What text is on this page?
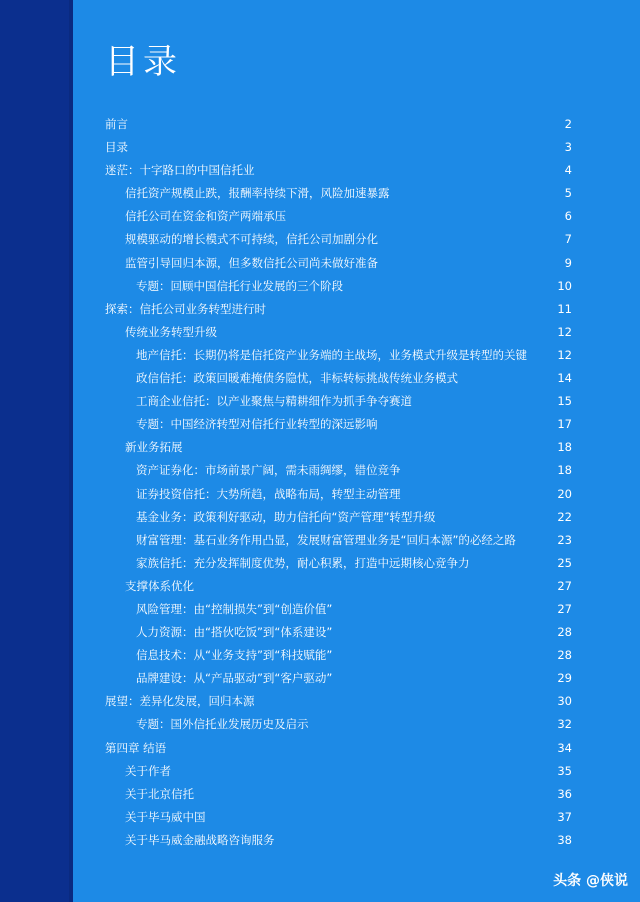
目录
前言	2
目录	3
迷茫：十字路口的中国信托业	4
信托资产规模止跌，报酬率持续下滑，风险加速暴露	5
信托公司在资金和资产两端承压	6
规模驱动的增长模式不可持续，信托公司加剧分化	7
监管引导回归本源，但多数信托公司尚未做好准备	9
专题：回顾中国信托行业发展的三个阶段	10
探索：信托公司业务转型进行时	11
传统业务转型升级	12
地产信托：长期仍将是信托资产业务端的主战场，业务模式升级是转型的关键	12
政信信托：政策回暖难掩债务隐忧，非标转标挑战传统业务模式	14
工商企业信托：以产业聚焦与精耕细作为抓手争夺赛道	15
专题：中国经济转型对信托行业转型的深远影响	17
新业务拓展	18
资产证券化：市场前景广阔，需未雨绸缪，错位竞争	18
证券投资信托：大势所趋，战略布局，转型主动管理	20
基金业务：政策利好驱动，助力信托向“资产管理”转型升级	22
财富管理：基石业务作用凸显，发展财富管理业务是“回归本源”的必经之路	23
家族信托：充分发挥制度优势，耐心积累，打造中远期核心竞争力	25
支撑体系优化	27
风险管理：由“控制损失”到“创造价值”	27
人力资源：由“搭伙吃饭”到“体系建设”	28
信息技术：从“业务支持”到“科技赋能”	28
品牌建设：从“产品驱动”到“客户驱动”	29
展望：差异化发展，回归本源	30
专题：国外信托业发展历史及启示	32
第四章 结语	34
关于作者	35
关于北京信托	36
关于毕马威中国	37
关于毕马威金融战略咨询服务	38
头条 @侠说
